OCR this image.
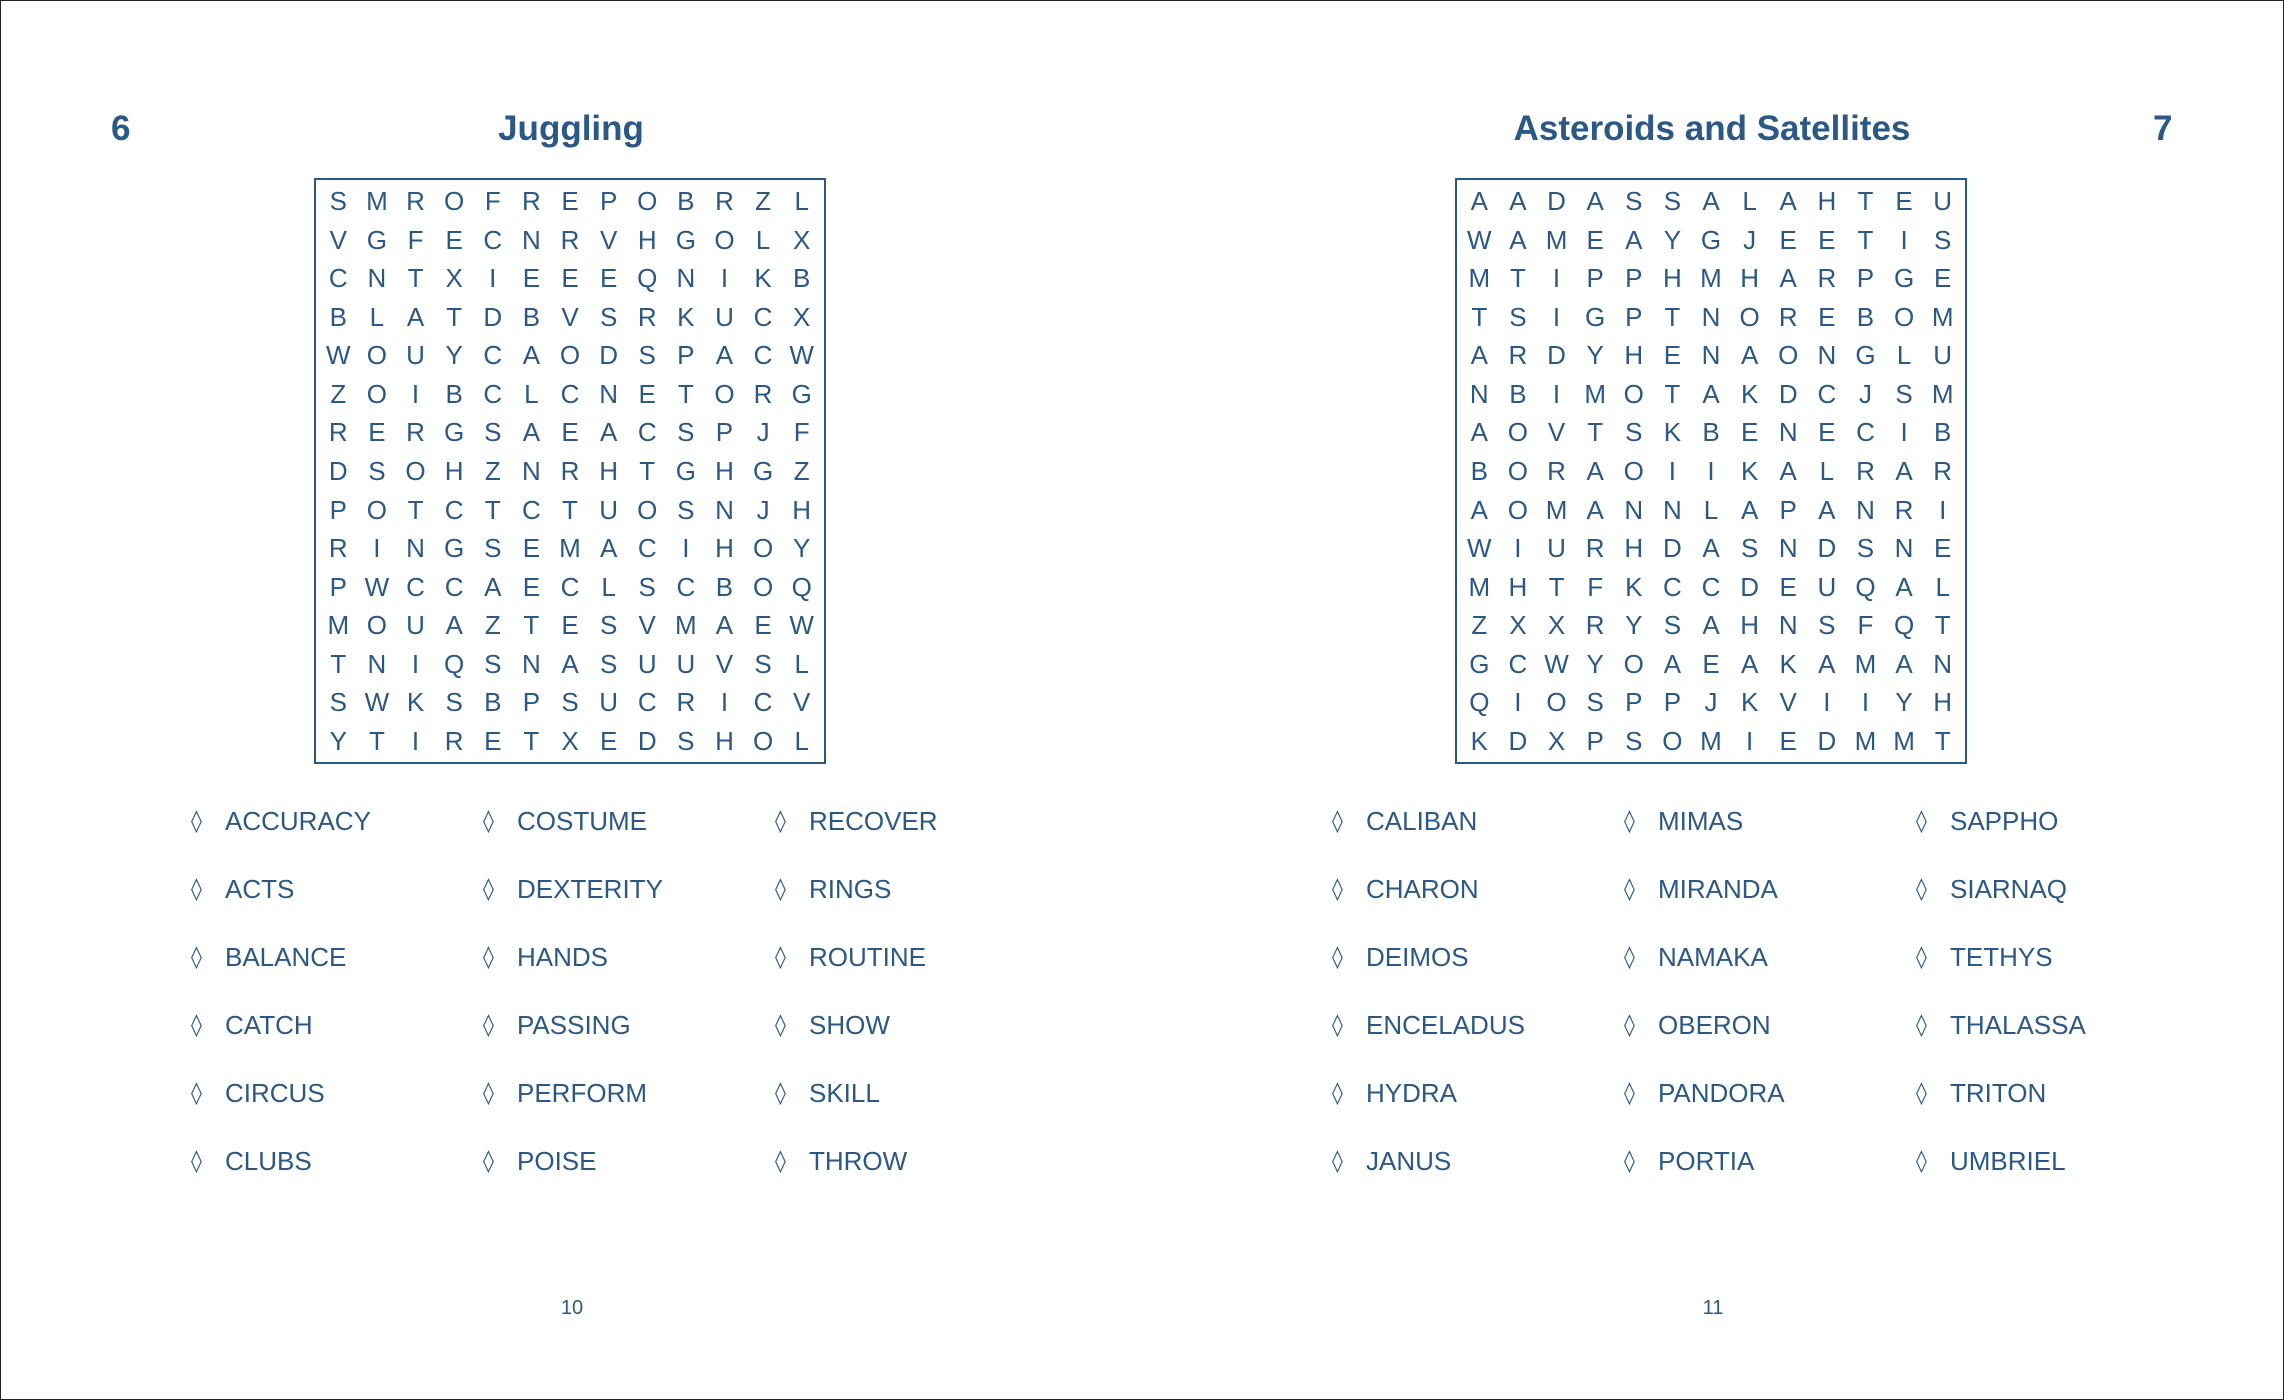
6	Juggling
S M R O F R E P O B R Z L
V G F E C N R V H G O L X
C N T X	I	E E E Q N I	K B
B L A T D B V S R K U C X
W O U Y C A O D S P A C W
Z O I	B C L C N E T O R G
R E R G S A E A C S P J F
D S O H Z N R H T G H G Z
P O T C T C T U O S N J H
R I N G S E M A C I H O Y
P W C C A E C L S C B O Q
M O U A Z T E S V M A E W
T N I Q S N A S U U V S L
S W K S B P S U C R I C V
Y T	I R E T X E D S H O L
◊ ACCURACY
◊ ACTS
◊ BALANCE
◊ CATCH
◊ CIRCUS
◊ CLUBS
◊ COSTUME
◊ DEXTERITY
◊ HANDS
◊ PASSING
◊ PERFORM
◊ POISE
◊ RECOVER
◊ RINGS
◊ ROUTINE
◊ SHOW
◊ SKILL
◊ THROW
10
7
Asteroids and Satellites
A A D A S S A L A H T E U
W A M E A Y G J E E T	I	S
M T	I	P P H M H A R P G E
T S	I G P T N O R E B O M
A R D Y H E N A O N G L U
N B	I M O T A K D C J S M
A O V T S K B E N E C I	B
B O R A O I	I	K A L R A R
A O M A N N L A P A N R I
W I U R H D A S N D S N E
M H T F K C C D E U Q A L
Z X X R Y S A H N S F Q T
G C W Y O A E A K A M A N
Q I O S P P J K V	I	I	Y H
K D X P S O M I	E D M M T
◊ CALIBAN
◊ CHARON
◊ DEIMOS
◊ ENCELADUS
◊ HYDRA
◊ JANUS
◊ MIMAS
◊ MIRANDA
◊ NAMAKA
◊ OBERON
◊ PANDORA
◊ PORTIA
◊ SAPPHO
◊ SIARNAQ
◊ TETHYS
◊ THALASSA
◊ TRITON
◊ UMBRIEL
11
